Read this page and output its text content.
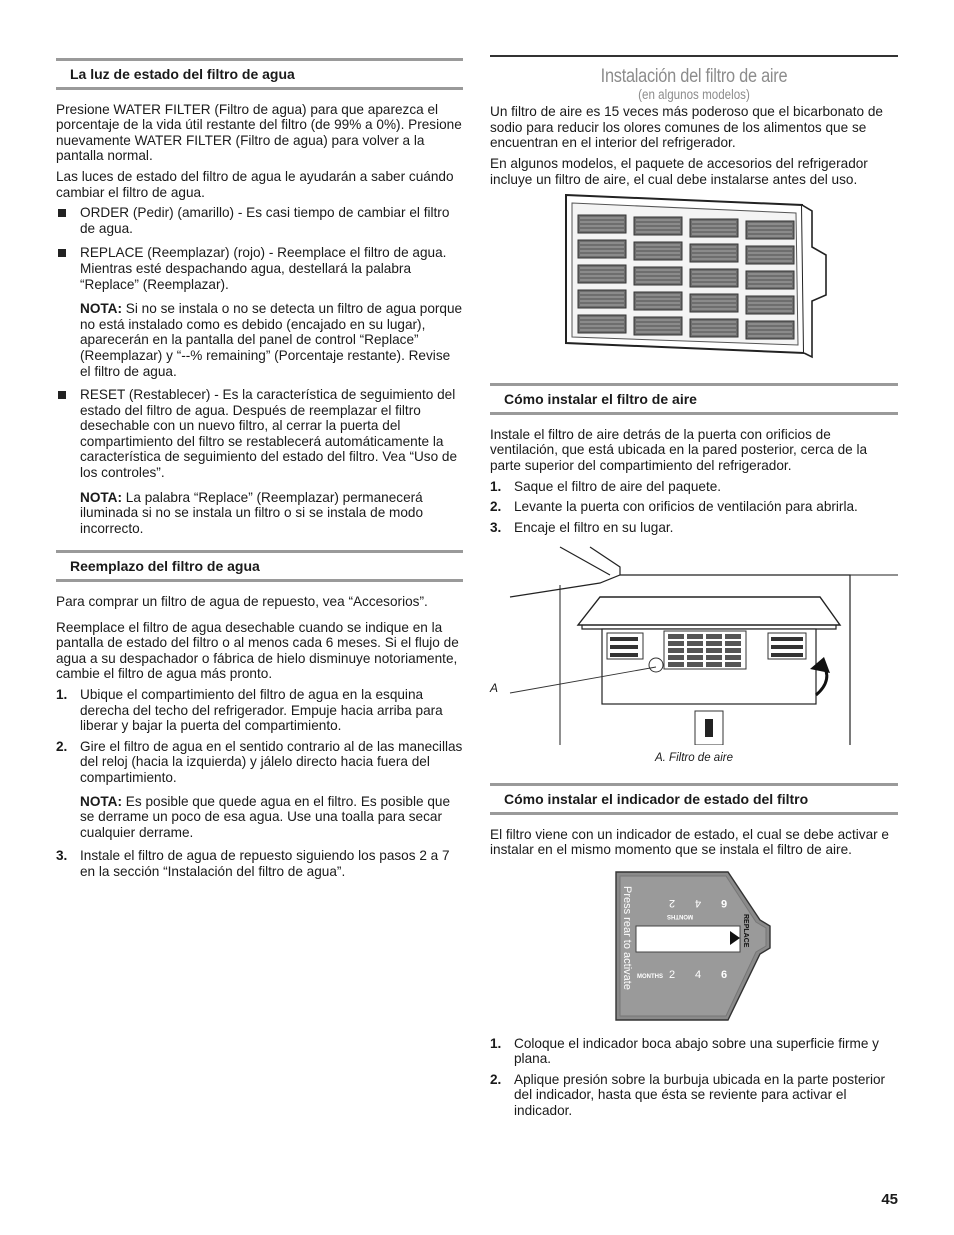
La luz de estado del filtro de agua

Presione WATER FILTER (Filtro de agua) para que aparezca el porcentaje de la vida útil restante del filtro (de 99% a 0%). Presione nuevamente WATER FILTER (Filtro de agua) para volver a la pantalla normal.

Las luces de estado del filtro de agua le ayudarán a saber cuándo cambiar el filtro de agua.

ORDER (Pedir) (amarillo) - Es casi tiempo de cambiar el filtro de agua.
REPLACE (Reemplazar) (rojo) - Reemplace el filtro de agua. Mientras esté despachando agua, destellará la palabra “Replace” (Reemplazar).
NOTA: Si no se instala o no se detecta un filtro de agua porque no está instalado como es debido (encajado en su lugar), aparecerán en la pantalla del panel de control “Replace” (Reemplazar) y “--% remaining” (Porcentaje restante). Revise el filtro de agua.
RESET (Restablecer) - Es la característica de seguimiento del estado del filtro de agua. Después de reemplazar el filtro desechable con un nuevo filtro, al cerrar la puerta del compartimiento del filtro se restablecerá automáticamente la característica de seguimiento del estado del filtro. Vea “Uso de los controles”.
NOTA: La palabra “Replace” (Reemplazar) permanecerá iluminada si no se instala un filtro o si se instala de modo incorrecto.
Reemplazo del filtro de agua

Para comprar un filtro de agua de repuesto, vea “Accesorios”.

Reemplace el filtro de agua desechable cuando se indique en la pantalla de estado del filtro o al menos cada 6 meses. Si el flujo de agua a su despachador o fábrica de hielo disminuye notoriamente, cambie el filtro de agua más pronto.

1. Ubique el compartimiento del filtro de agua en la esquina derecha del techo del refrigerador. Empuje hacia arriba para liberar y bajar la puerta del compartimiento.
2. Gire el filtro de agua en el sentido contrario al de las manecillas del reloj (hacia la izquierda) y jálelo directo hacia fuera del compartimiento.
NOTA: Es posible que quede agua en el filtro. Es posible que se derrame un poco de esa agua. Use una toalla para secar cualquier derrame.
3. Instale el filtro de agua de repuesto siguiendo los pasos 2 a 7 en la sección “Instalación del filtro de agua”.
Instalación del filtro de aire
(en algunos modelos)

Un filtro de aire es 15 veces más poderoso que el bicarbonato de sodio para reducir los olores comunes de los alimentos que se encuentran en el interior del refrigerador.

En algunos modelos, el paquete de accesorios del refrigerador incluye un filtro de aire, el cual debe instalarse antes del uso.

Cómo instalar el filtro de aire

Instale el filtro de aire detrás de la puerta con orificios de ventilación, que está ubicada en la pared posterior, cerca de la parte superior del compartimiento del refrigerador.

1. Saque el filtro de aire del paquete.
2. Levante la puerta con orificios de ventilación para abrirla.
3. Encaje el filtro en su lugar.
A
A. Filtro de aire
Cómo instalar el indicador de estado del filtro

El filtro viene con un indicador de estado, el cual se debe activar e instalar en el mismo momento que se instala el filtro de aire.

Press rear to activate	MONTHS
MONTHS 2 4 6
2 4 6
REPLACE
1. Coloque el indicador boca abajo sobre una superficie firme y plana.
2. Aplique presión sobre la burbuja ubicada en la parte posterior del indicador, hasta que ésta se reviente para activar el indicador.
45
